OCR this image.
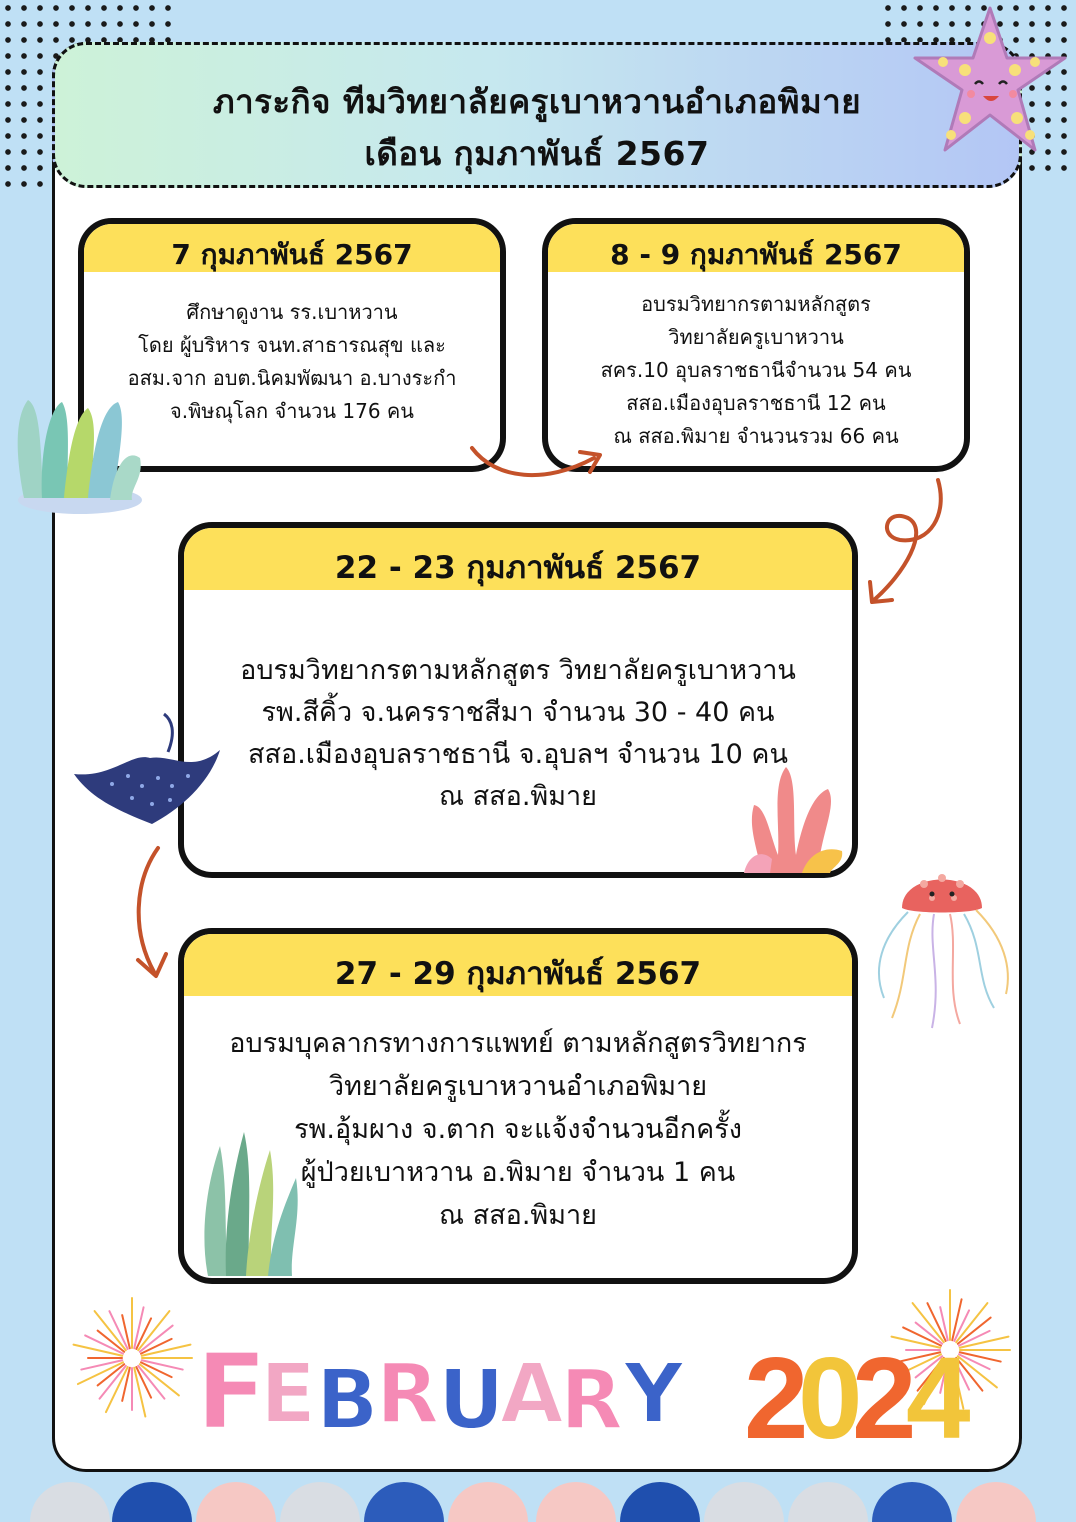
ภาระกิจ ทีมวิทยาลัยครูเบาหวานอำเภอพิมาย
เดือน กุมภาพันธ์ 2567
7 กุมภาพันธ์ 2567
ศึกษาดูงาน รร.เบาหวาน
โดย ผู้บริหาร จนท.สาธารณสุข และ
อสม.จาก อบต.นิคมพัฒนา อ.บางระกำ
จ.พิษณุโลก จำนวน 176 คน
8 - 9 กุมภาพันธ์ 2567
อบรมวิทยากรตามหลักสูตร
วิทยาลัยครูเบาหวาน
สคร.10 อุบลราชธานีจำนวน 54 คน
สสอ.เมืองอุบลราชธานี 12 คน
ณ สสอ.พิมาย จำนวนรวม 66 คน
22 - 23 กุมภาพันธ์ 2567
อบรมวิทยากรตามหลักสูตร วิทยาลัยครูเบาหวาน
รพ.สีคิ้ว จ.นครราชสีมา จำนวน 30 - 40 คน
สสอ.เมืองอุบลราชธานี จ.อุบลฯ จำนวน 10 คน
ณ สสอ.พิมาย
27 - 29 กุมภาพันธ์ 2567
อบรมบุคลากรทางการแพทย์ ตามหลักสูตรวิทยากร
วิทยาลัยครูเบาหวานอำเภอพิมาย
รพ.อุ้มผาง จ.ตาก จะแจ้งจำนวนอีกครั้ง
ผู้ป่วยเบาหวาน อ.พิมาย จำนวน 1 คน
ณ สสอ.พิมาย
F
E B
R
U
A
R Y 2
0
2
4
